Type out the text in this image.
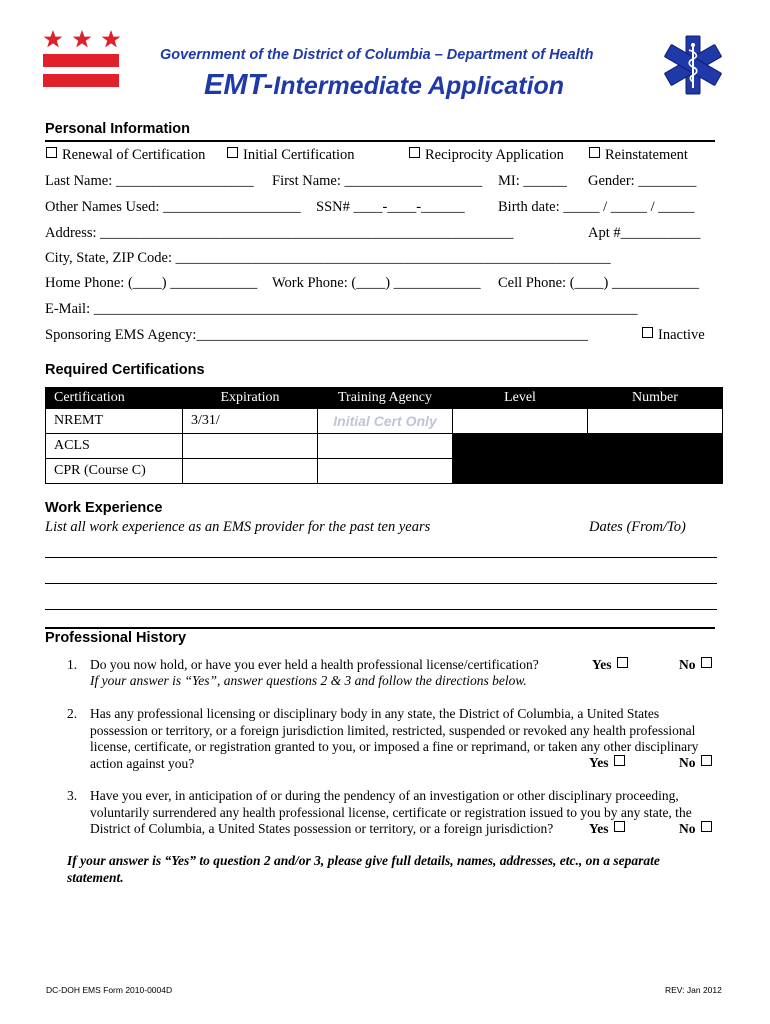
Government of the District of Columbia – Department of Health
EMT-Intermediate Application
Personal Information
Renewal of Certification	Initial Certification	Reciprocity Application	Reinstatement
Last Name: ___________________ First Name: ___________________ MI: ______ Gender: ________
Other Names Used: ___________________ SSN# ____-____-______ Birth date: _____ / _____ / _____
Address: _________________________________________________________	Apt #___________
City, State, ZIP Code: ____________________________________________________________
Home Phone: (____) ____________ Work Phone: (____) ____________ Cell Phone: (____) ____________
E-Mail: ___________________________________________________________________________
Sponsoring EMS Agency:______________________________________________________	Inactive
Required Certifications
Certification	Expiration	Training Agency	Level	Number
NREMT	3/31/	Initial Cert Only		
ACLS				
CPR (Course C)				
Work Experience
List all work experience as an EMS provider for the past ten years	Dates (From/To)
Professional History
1. Do you now hold, or have you ever held a health professional license/certification?
If your answer is “Yes”, answer questions 2 & 3 and follow the directions below.
Yes	No
2. Has any professional licensing or disciplinary body in any state, the District of Columbia, a United States
possession or territory, or a foreign jurisdiction limited, restricted, suspended or revoked any health professional
license, certificate, or registration granted to you, or imposed a fine or reprimand, or taken any other disciplinary
action against you?	Yes	No
3. Have you ever, in anticipation of or during the pendency of an investigation or other disciplinary proceeding,
voluntarily surrendered any health professional license, certificate or registration issued to you by any state, the
District of Columbia, a United States possession or territory, or a foreign jurisdiction?	Yes	No
If your answer is “Yes” to question 2 and/or 3, please give full details, names, addresses, etc., on a separate
statement.
DC-DOH EMS Form 2010-0004D	REV: Jan 2012
